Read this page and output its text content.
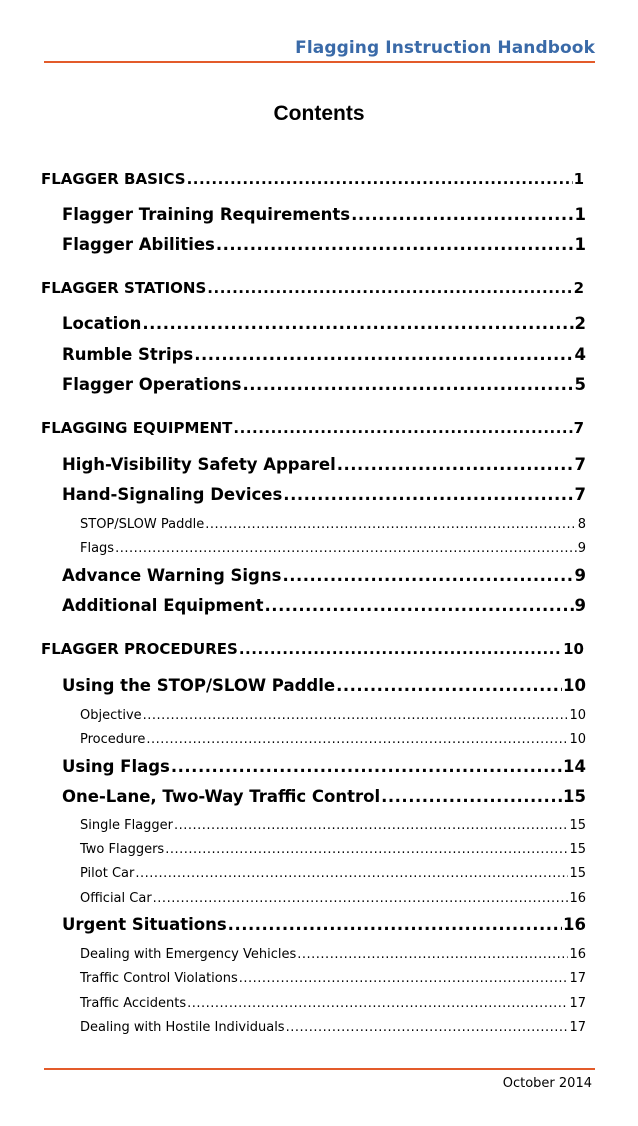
Flagging Instruction Handbook
Contents
FLAGGER BASICS .....	1
Flagger Training Requirements .....	1
Flagger Abilities .....	1
FLAGGER STATIONS .....	2
Location .....	2
Rumble Strips .....	4
Flagger Operations .....	5
FLAGGING EQUIPMENT .....	7
High-Visibility Safety Apparel .....	7
Hand-Signaling Devices .....	7
STOP/SLOW Paddle .....	8
Flags .....	9
Advance Warning Signs .....	9
Additional Equipment .....	9
FLAGGER PROCEDURES .....	10
Using the STOP/SLOW Paddle .....	10
Objective .....	10
Procedure .....	10
Using Flags .....	14
One-Lane, Two-Way Traffic Control .....	15
Single Flagger .....	15
Two Flaggers .....	15
Pilot Car .....	15
Official Car .....	16
Urgent Situations .....	16
Dealing with Emergency Vehicles .....	16
Traffic Control Violations .....	17
Traffic Accidents .....	17
Dealing with Hostile Individuals .....	17
October 2014
